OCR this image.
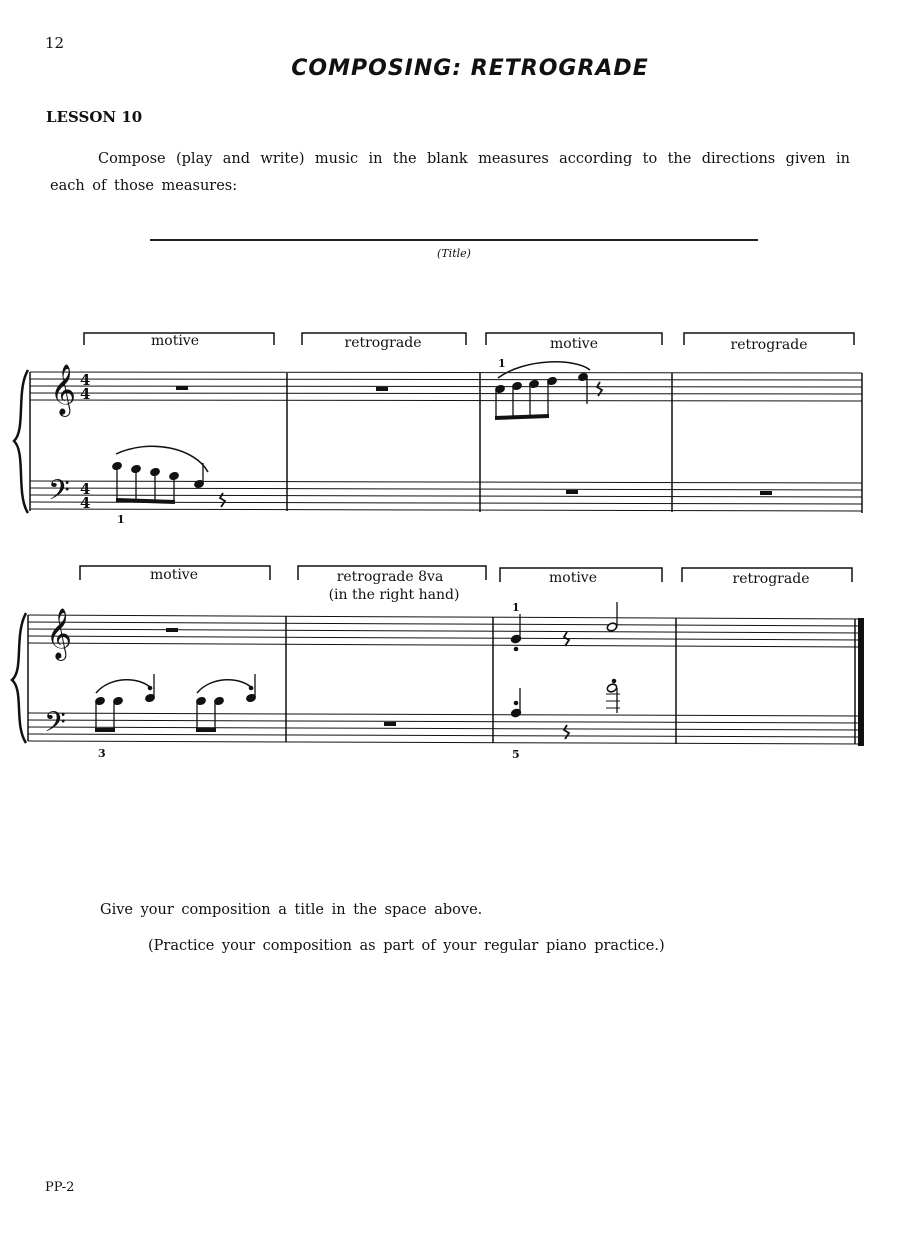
12
COMPOSING: RETROGRADE
LESSON 10
Compose (play and write) music in the blank measures according to the directions given in each of those measures:
(Title)
motive	retrograde	motive	retrograde
𝄞
𝄢
4
4
4
4
1
1
motive	retrograde 8va
(in the right hand)
motive	retrograde
𝄞
𝄢
3
1
5
Give your composition a title in the space above.
(Practice your composition as part of your regular piano practice.)
PP-2
